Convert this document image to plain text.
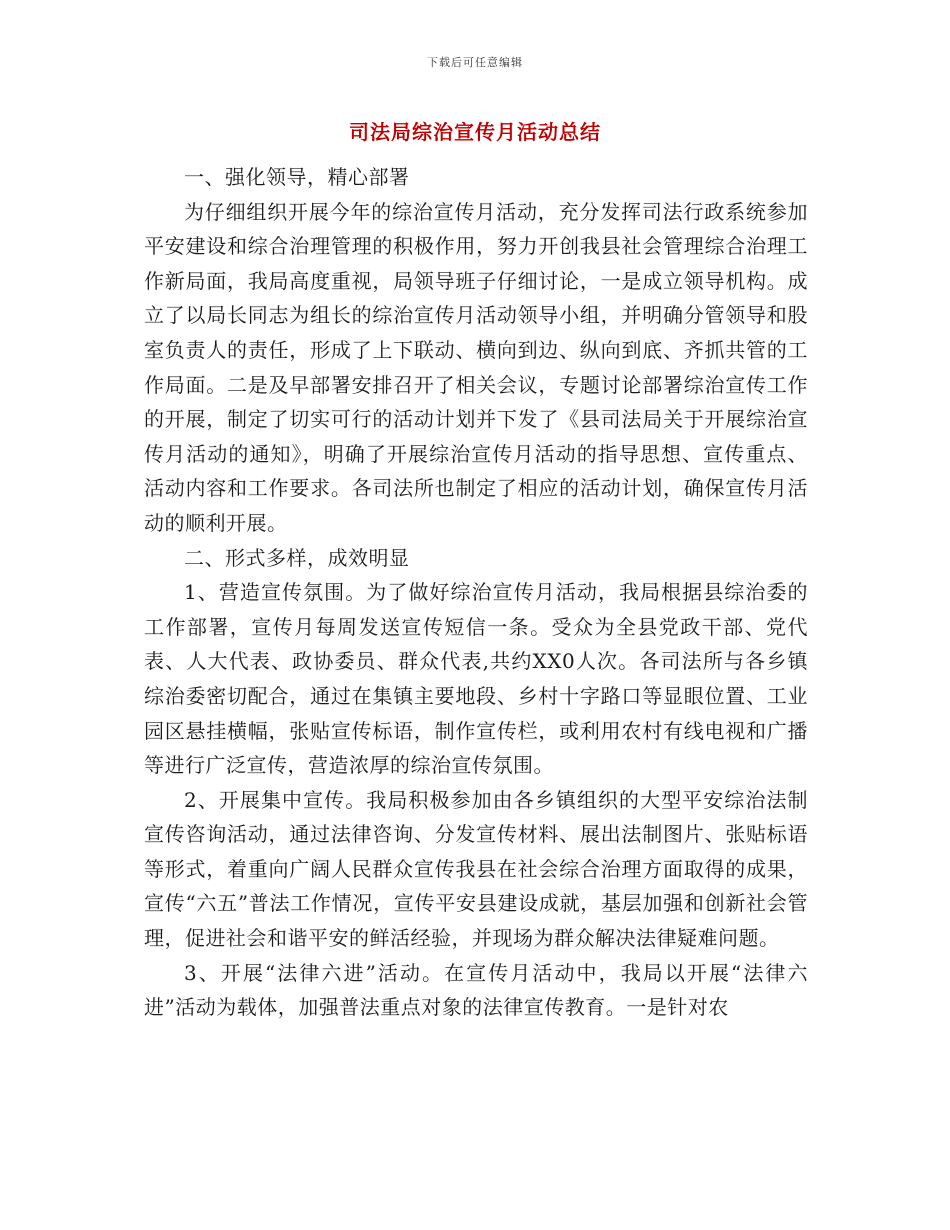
下载后可任意编辑
司法局综治宣传月活动总结

一、强化领导，精心部署

为仔细组织开展今年的综治宣传月活动，充分发挥司法行政系统参加平安建设和综合治理管理的积极作用，努力开创我县社会管理综合治理工作新局面，我局高度重视，局领导班子仔细讨论，一是成立领导机构。成立了以局长同志为组长的综治宣传月活动领导小组，并明确分管领导和股室负责人的责任，形成了上下联动、横向到边、纵向到底、齐抓共管的工作局面。二是及早部署安排召开了相关会议，专题讨论部署综治宣传工作的开展，制定了切实可行的活动计划并下发了《县司法局关于开展综治宣传月活动的通知》，明确了开展综治宣传月活动的指导思想、宣传重点、活动内容和工作要求。各司法所也制定了相应的活动计划，确保宣传月活动的顺利开展。

二、形式多样，成效明显

1、营造宣传氛围。为了做好综治宣传月活动，我局根据县综治委的工作部署，宣传月每周发送宣传短信一条。受众为全县党政干部、党代表、人大代表、政协委员、群众代表,共约XX0人次。各司法所与各乡镇综治委密切配合，通过在集镇主要地段、乡村十字路口等显眼位置、工业园区悬挂横幅，张贴宣传标语，制作宣传栏，或利用农村有线电视和广播等进行广泛宣传，营造浓厚的综治宣传氛围。

2、开展集中宣传。我局积极参加由各乡镇组织的大型平安综治法制宣传咨询活动，通过法律咨询、分发宣传材料、展出法制图片、张贴标语等形式，着重向广阔人民群众宣传我县在社会综合治理方面取得的成果，宣传“六五”普法工作情况，宣传平安县建设成就，基层加强和创新社会管理，促进社会和谐平安的鲜活经验，并现场为群众解决法律疑难问题。

3、开展“法律六进”活动。在宣传月活动中，我局以开展“法律六进”活动为载体，加强普法重点对象的法律宣传教育。一是针对农
